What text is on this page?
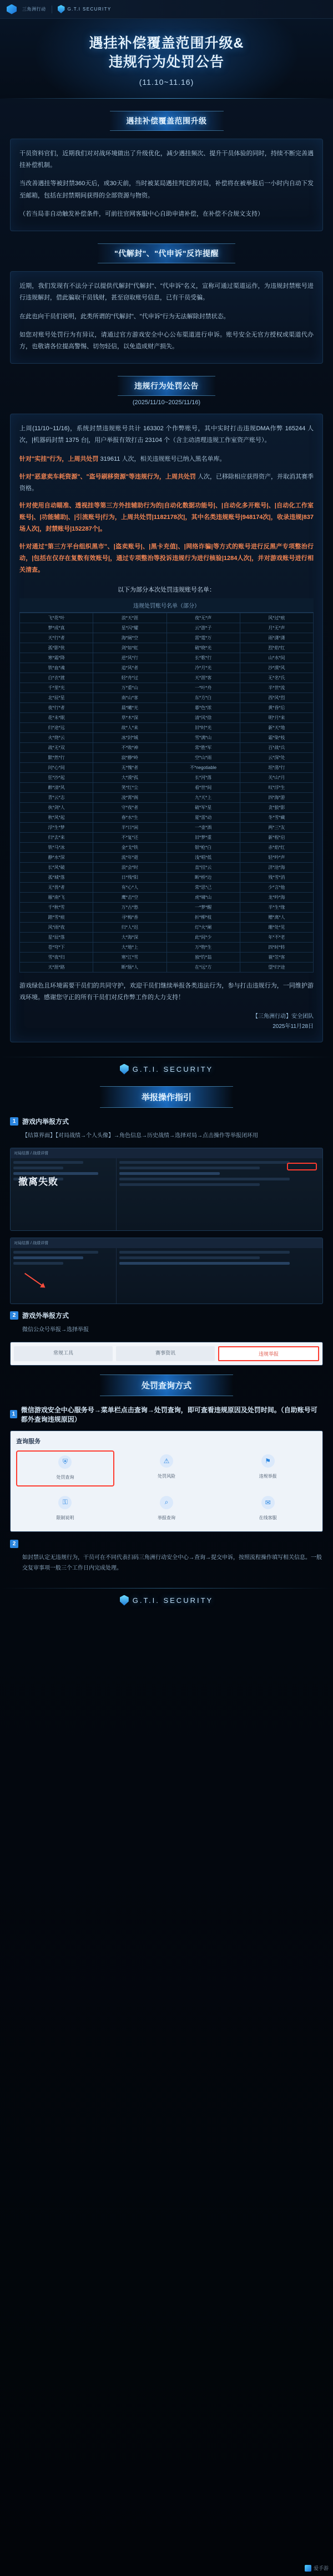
三角洲行动	G.T.I SECURITY
遇挂补偿覆盖范围升级&
违规行为处罚公告
(11.10~11.16)
遇挂补偿覆盖范围升级

干员资料官们，近期我们对对战环境做出了升级优化，减少遇挂频次、提升干员体验的同时，持续不断完善遇挂补偿机制。

当改善遇挂等被封禁360天后，或30天前，当时被某局遇挂判定的对局，补偿将在被举报后一小时内自动下发至邮箱，包括在封禁期间获得的全部资源与物资。

（若当局非自动触发补偿条件，可前往官网客服中心自助申请补偿，在补偿不合规文支持）

"代解封"、"代申诉"反诈提醒

近期，我们发现有不法分子以提供代解封"代解封"、"代申诉"名义，宣称可通过渠道运作，为违规封禁账号进行违规解封，借此骗取干员钱财，甚至窃取账号信息，已有干员受骗。

在此也向干员们说明，此类所谓的"代解封"、"代申诉"行为无法解除封禁状态。

如您对账号处罚行为有异议，请通过官方游戏安全中心公布渠道进行申诉。账号安全无官方授权或渠道代办方，也敬请各位提高警惕、切勿轻信，以免造成财产损失。

违规行为处罚公告
(2025/11/10~2025/11/16)

上周(11/10~11/16)，系统封禁违规账号共计 163302 个作弊账号，其中实时打击违规DMA作弊 165244 人次，|机器码封禁 1375 台|，用户举报有效打击 23104 个（含主动清理违规工作室资产账号）。

针对"实挂"行为，上周共处罚 319611 人次，相关违规账号已纳入黑名单库。
针对"恶意卖车耗资源"、"盗号刷移资源"等违规行为，上周共处罚 人次，已移除相应获得资产，并取消其赛季资格。
针对使用自动瞄准、透视挂等第三方外挂辅助行为的|自动化数据功能号|、|自动化多开账号|、|自动化工作室账号|、|功能辅助|、|引流账号|行为，上周共处罚|1182178次|，其中名类违规账号|948174次|，收录违规|837 场人次|，封禁账号|152287个|。
针对通过"第三方平台组织黑市"、|盗卖账号|、|黑卡充值|、|网络诈骗|等方式的账号进行反黑产专项整治行动，|包括在仅存在复数有效账号|，通过专项整治等投诉违规行为进行核验|1284人次|，并对游戏账号进行相关清查。
以下为部分本次处罚违规账号名单：
违规处罚账号名单（部分）
飞*花*叶	浪*天*涯	夜*无*声	风*过*痕
梦*成*真	星*闪*耀	云*游*子	月*无*声
天*行*者	海*阔*空	雷*霆*万	雨*潇*潇
孤*影*侠	剑*如*虹	破*晓*光	烈*焰*红
寒*霜*降	逆*风*行	长*歌*行	山*水*间
铁*血*魂	追*风*者	冷*月*光	沙*漠*风
白*衣*渡	轻*舟*过	天*涯*客	无*名*氏
千*里*光	万*重*山	一*叶*舟	半*世*流
北*辰*星	南*山*客	东*方*白	西*风*烈
夜*行*者	晨*曦*光	暮*色*浓	黄*昏*后
花*未*眠	草*木*深	清*风*徐	明*月*来
归*途*远	故*人*来	旧*时*光	新*天*地
火*烧*云	冰*封*城	雪*满*山	霜*染*枝
战*无*双	不*败*神	常*胜*军	百*战*兵
默*然*行	寂*静*岭	空*山*雨	云*深*处
问*心*间	无*愧*者	不*negotiable	坦*荡*行
狂*沙*起	大*漠*孤	长*河*落	关*山*月
醉*清*风	笑*红*尘	看*世*间	叹*浮*生
青*云*志	凌*霄*阁	九*天*上	四*海*游
执*剑*人	守*夜*者	破*军*星	贪*狼*影
秋*风*起	春*水*生	夏*雷*动	冬*雪*藏
浮*生*梦	半*日*闲	一*壶*酒	两*三*友
归*去*来	不*复*还	旧*梦*重	新*程*启
铁*马*冰	金*戈*铁	银*枪*白	赤*焰*红
静*水*深	流*年*逝	浅*唱*低	轻*吟*声
长*风*破	浪*会*时	直*挂*云	济*沧*海
孤*城*落	日*残*阳	断*桥*边	残*雪*消
无*畏*者	有*心*人	常*思*己	少*言*他
雁*南*飞	鹰*击*空	虎*啸*山	龙*吟*海
千*秋*雪	万*古*愁	一*梦*醒	半*生*缘
踏*雪*痕	寻*梅*香	折*柳*枝	赠*离*人
风*雨*夜	归*人*迟	灯*火*阑	珊*处*见
星*辰*落	大*海*深	此*间*少	年*不*老
苍*穹*下	大*地*上	万*物*生	四*时*转
雪*夜*归	寒*江*雪	独*钓*翁	蓑*笠*客
天*涯*路	断*肠*人	在*远*方	望*归*途
游戏绿色且环境需要干员们的共同守护，欢迎干员们继续举报各类违法行为，参与打击违规行为，一同维护游戏环境。感谢您守正的所有干员们对反作弊工作的大力支持！
【三角洲行动】安全团队
2025年11月28日
G.T.I. SECURITY
举报操作指引
1 游戏内举报方式
【结算界面】【对局战绩→个人头像】→角色信息→历史战绩→选择对局→点击操作等举报闭环用
对局结算 / 战绩详情
撤离失败
对局结算 / 战绩详情
2 游戏外举报方式
微信公众号举报→选择举报
常规工具	赛事资讯	违规举报
处罚查询方式
1
微信游戏安全中心服务号→菜单栏点击查询→处罚查询，即可查看违规原因及处罚时间。（自助账号可都外查询违规原因）
查询服务
⛨
处罚查询
⚠
处罚风险
⚑
违规举报
⚿
限制说明
⌕
举报查询
✉
在线客服
2
如封禁认定无违规行为，干员可在不同代表扫码三角洲行动安全中心→查询→提交申诉，按照流程操作填写相关信息。一般交复审事项一般三个工作日内完成处理。
G.T.I. SECURITY
爱手游
